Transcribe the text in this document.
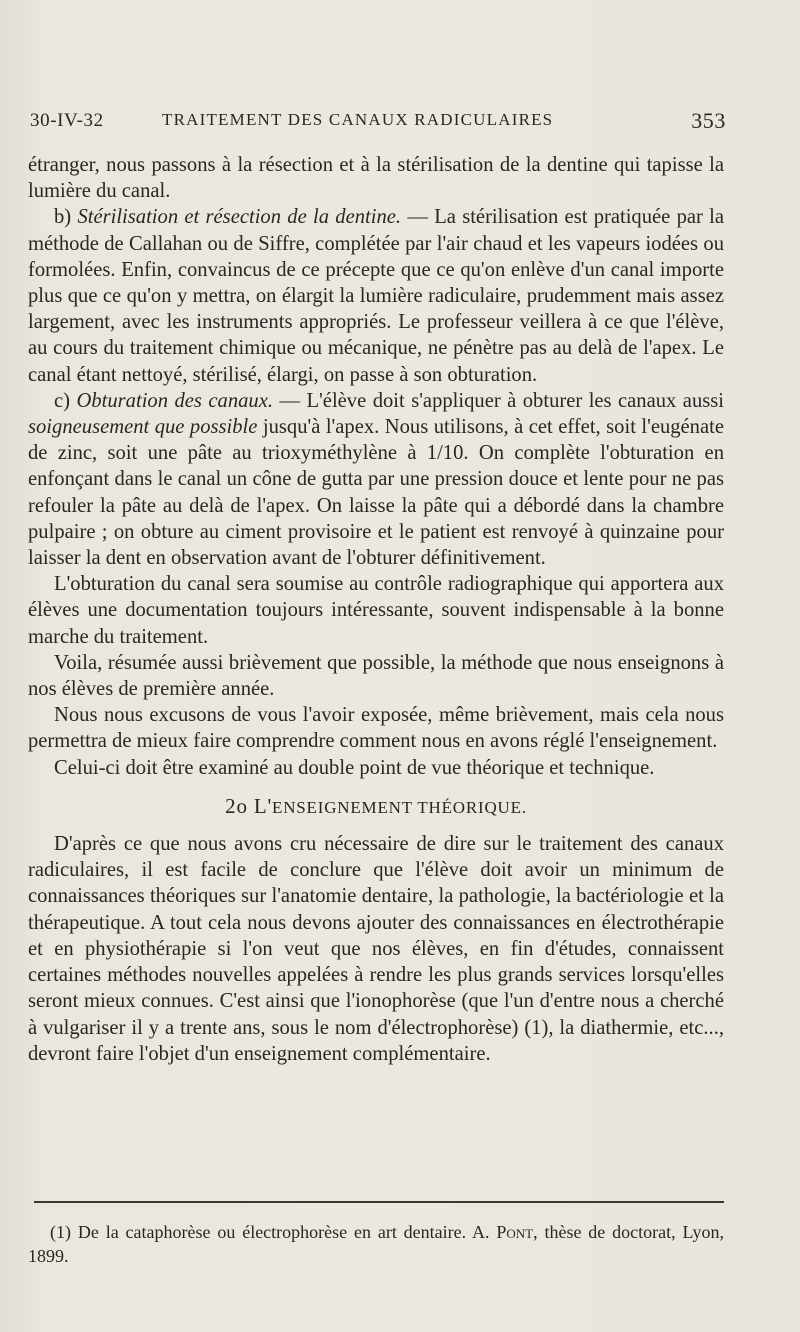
30-IV-32	TRAITEMENT DES CANAUX RADICULAIRES	353

étranger, nous passons à la résection et à la stérilisation de la dentine qui tapisse la lumière du canal.

b) Stérilisation et résection de la dentine. — La stérilisation est pratiquée par la méthode de Callahan ou de Siffre, complétée par l'air chaud et les vapeurs iodées ou formolées. Enfin, convaincus de ce précepte que ce qu'on enlève d'un canal importe plus que ce qu'on y mettra, on élargit la lumière radiculaire, prudemment mais assez largement, avec les instruments appropriés. Le professeur veillera à ce que l'élève, au cours du traitement chimique ou mécanique, ne pénètre pas au delà de l'apex. Le canal étant nettoyé, stérilisé, élargi, on passe à son obturation.

c) Obturation des canaux. — L'élève doit s'appliquer à obturer les canaux aussi soigneusement que possible jusqu'à l'apex. Nous utilisons, à cet effet, soit l'eugénate de zinc, soit une pâte au trioxyméthylène à 1/10. On complète l'obturation en enfonçant dans le canal un cône de gutta par une pression douce et lente pour ne pas refouler la pâte au delà de l'apex. On laisse la pâte qui a débordé dans la chambre pulpaire ; on obture au ciment provisoire et le patient est renvoyé à quinzaine pour laisser la dent en observation avant de l'obturer définitivement.

L'obturation du canal sera soumise au contrôle radiographique qui apportera aux élèves une documentation toujours intéressante, souvent indispensable à la bonne marche du traitement.

Voila, résumée aussi brièvement que possible, la méthode que nous enseignons à nos élèves de première année.

Nous nous excusons de vous l'avoir exposée, même brièvement, mais cela nous permettra de mieux faire comprendre comment nous en avons réglé l'enseignement.

Celui-ci doit être examiné au double point de vue théorique et technique.

2o L'ENSEIGNEMENT THÉORIQUE.

D'après ce que nous avons cru nécessaire de dire sur le traitement des canaux radiculaires, il est facile de conclure que l'élève doit avoir un minimum de connaissances théoriques sur l'anatomie dentaire, la pathologie, la bactériologie et la thérapeutique. A tout cela nous devons ajouter des connaissances en électrothérapie et en physiothérapie si l'on veut que nos élèves, en fin d'études, connaissent certaines méthodes nouvelles appelées à rendre les plus grands services lorsqu'elles seront mieux connues. C'est ainsi que l'ionophorèse (que l'un d'entre nous a cherché à vulgariser il y a trente ans, sous le nom d'électrophorèse) (1), la diathermie, etc..., devront faire l'objet d'un enseignement complémentaire.

(1) De la cataphorèse ou électrophorèse en art dentaire. A. Pont, thèse de doctorat, Lyon, 1899.
